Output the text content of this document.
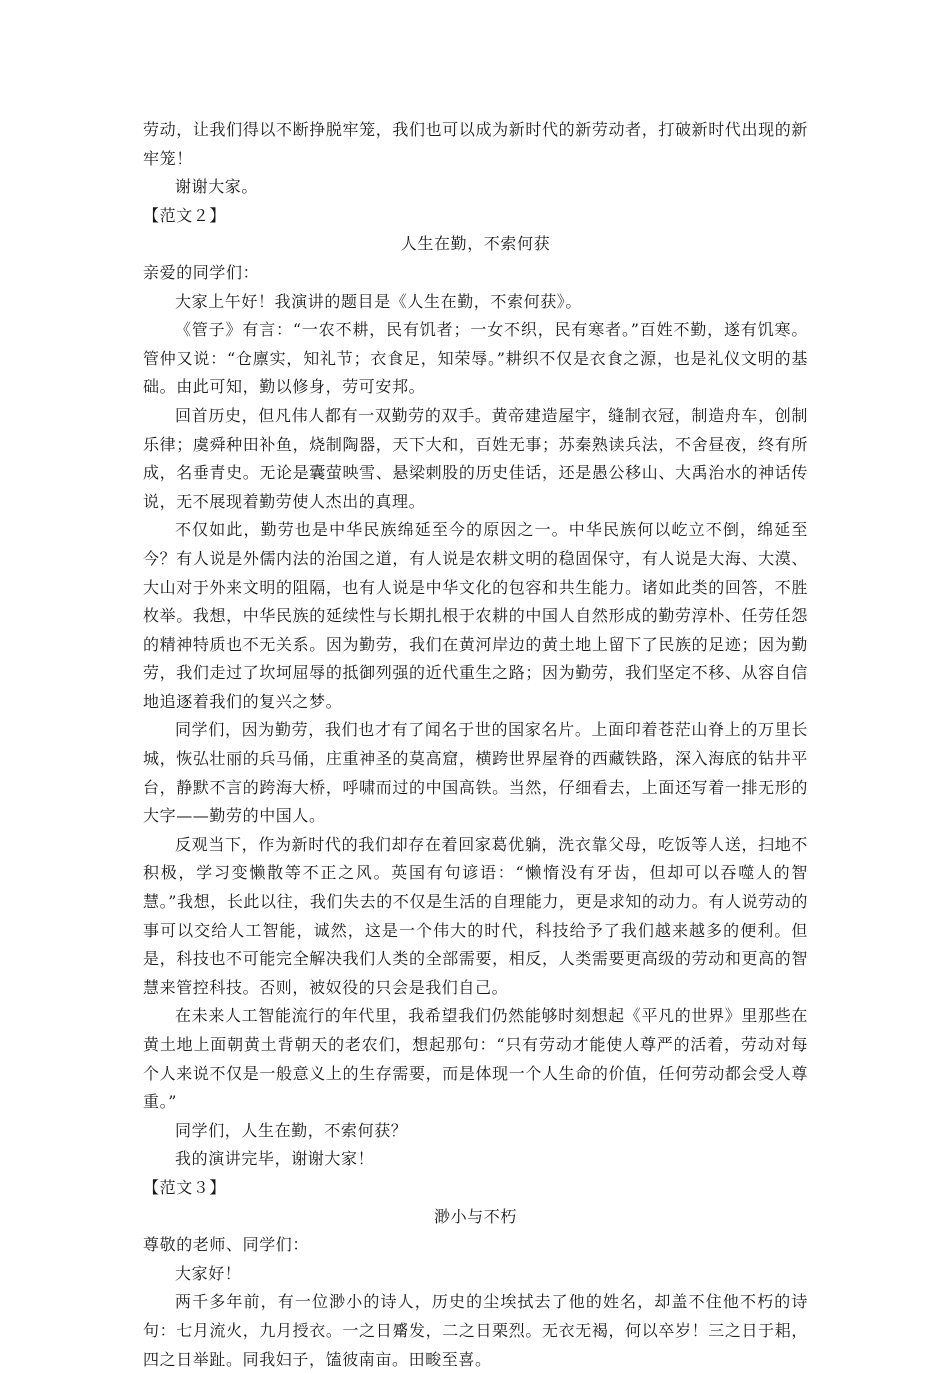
劳动，让我们得以不断挣脱牢笼，我们也可以成为新时代的新劳动者，打破新时代出现的新牢笼！
谢谢大家。
【范文２】
人生在勤，不索何获
亲爱的同学们：
大家上午好！我演讲的题目是《人生在勤，不索何获》。
《管子》有言：“一农不耕，民有饥者；一女不织，民有寒者。”百姓不勤，遂有饥寒。管仲又说：“仓廪实，知礼节；衣食足，知荣辱。”耕织不仅是衣食之源，也是礼仪文明的基础。由此可知，勤以修身，劳可安邦。
回首历史，但凡伟人都有一双勤劳的双手。黄帝建造屋宇，缝制衣冠，制造舟车，创制乐律；虞舜种田补鱼，烧制陶器，天下大和，百姓无事；苏秦熟读兵法，不舍昼夜，终有所成，名垂青史。无论是囊萤映雪、悬梁刺股的历史佳话，还是愚公移山、大禹治水的神话传说，无不展现着勤劳使人杰出的真理。
不仅如此，勤劳也是中华民族绵延至今的原因之一。中华民族何以屹立不倒，绵延至今？有人说是外儒内法的治国之道，有人说是农耕文明的稳固保守，有人说是大海、大漠、大山对于外来文明的阻隔，也有人说是中华文化的包容和共生能力。诸如此类的回答，不胜枚举。我想，中华民族的延续性与长期扎根于农耕的中国人自然形成的勤劳淳朴、任劳任怨的精神特质也不无关系。因为勤劳，我们在黄河岸边的黄土地上留下了民族的足迹；因为勤劳，我们走过了坎坷屈辱的抵御列强的近代重生之路；因为勤劳，我们坚定不移、从容自信地追逐着我们的复兴之梦。
同学们，因为勤劳，我们也才有了闻名于世的国家名片。上面印着苍茫山脊上的万里长城，恢弘壮丽的兵马俑，庄重神圣的莫高窟，横跨世界屋脊的西藏铁路，深入海底的钻井平台，静默不言的跨海大桥，呼啸而过的中国高铁。当然，仔细看去，上面还写着一排无形的大字——勤劳的中国人。
反观当下，作为新时代的我们却存在着回家葛优躺，洗衣靠父母，吃饭等人送，扫地不积极，学习变懒散等不正之风。英国有句谚语：“懒惰没有牙齿，但却可以吞噬人的智慧。”我想，长此以往，我们失去的不仅是生活的自理能力，更是求知的动力。有人说劳动的事可以交给人工智能，诚然，这是一个伟大的时代，科技给予了我们越来越多的便利。但是，科技也不可能完全解决我们人类的全部需要，相反，人类需要更高级的劳动和更高的智慧来管控科技。否则，被奴役的只会是我们自己。
在未来人工智能流行的年代里，我希望我们仍然能够时刻想起《平凡的世界》里那些在黄土地上面朝黄土背朝天的老农们，想起那句：“只有劳动才能使人尊严的活着，劳动对每个人来说不仅是一般意义上的生存需要，而是体现一个人生命的价值，任何劳动都会受人尊重。”
同学们，人生在勤，不索何获？
我的演讲完毕，谢谢大家！
【范文３】
渺小与不朽
尊敬的老师、同学们：
大家好！
两千多年前，有一位渺小的诗人，历史的尘埃拭去了他的姓名，却盖不住他不朽的诗句：七月流火，九月授衣。一之日觱发，二之日栗烈。无衣无褐，何以卒岁！三之日于耜，四之日举趾。同我妇子，馌彼南亩。田畯至喜。
